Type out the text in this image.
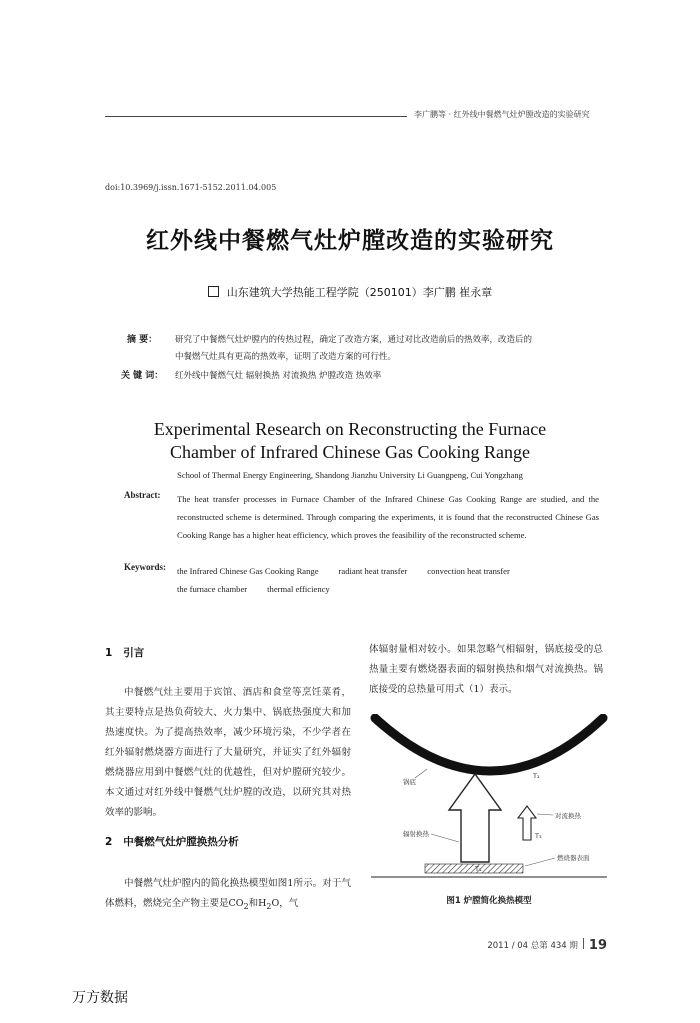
李广鹏等 · 红外线中餐燃气灶炉膛改造的实验研究
doi:10.3969/j.issn.1671-5152.2011.04.005
红外线中餐燃气灶炉膛改造的实验研究
山东建筑大学热能工程学院（250101）李广鹏 崔永章
摘 要： 研究了中餐燃气灶炉膛内的传热过程，确定了改造方案，通过对比改造前后的热效率，改造后的
中餐燃气灶具有更高的热效率，证明了改造方案的可行性。
关 键 词： 红外线中餐燃气灶 辐射换热 对流换热 炉膛改造 热效率
Experimental Research on Reconstructing the Furnace
Chamber of Infrared Chinese Gas Cooking Range
School of Thermal Energy Engineering, Shandong Jianzhu University Li Guangpeng, Cui Yongzhang
Abstract: The heat transfer processes in Furnace Chamber of the Infrared Chinese Gas Cooking Range are studied, and the reconstructed scheme is determined. Through comparing the experiments, it is found that the reconstructed Chinese Gas Cooking Range has a higher heat efficiency, which proves the feasibility of the reconstructed scheme.
Keywords: the Infrared Chinese Gas Cooking Range radiant heat transfer convection heat transferthe furnace chamber thermal efficiency
1 引言
中餐燃气灶主要用于宾馆、酒店和食堂等烹饪菜肴，其主要特点是热负荷较大、火力集中、锅底热强度大和加热速度快。为了提高热效率，减少环境污染，不少学者在红外辐射燃烧器方面进行了大量研究，并证实了红外辐射燃烧器应用到中餐燃气灶的优越性，但对炉膛研究较少。本文通过对红外线中餐燃气灶炉膛的改造，以研究其对热效率的影响。
2 中餐燃气灶炉膛换热分析
中餐燃气灶炉膛内的简化换热模型如图1所示。对于气体燃料，燃烧完全产物主要是$CO_2$和$H_2O$，气
体辐射量相对较小。如果忽略气相辐射，锅底接受的总热量主要有燃烧器表面的辐射换热和烟气对流换热。锅底接受的总热量可用式（1）表示。
锅底
T₂
辐射换热
对流换热
T₃
燃烧器表面
图1 炉膛简化换热模型
2011 / 04 总第 434 期 19
万方数据
